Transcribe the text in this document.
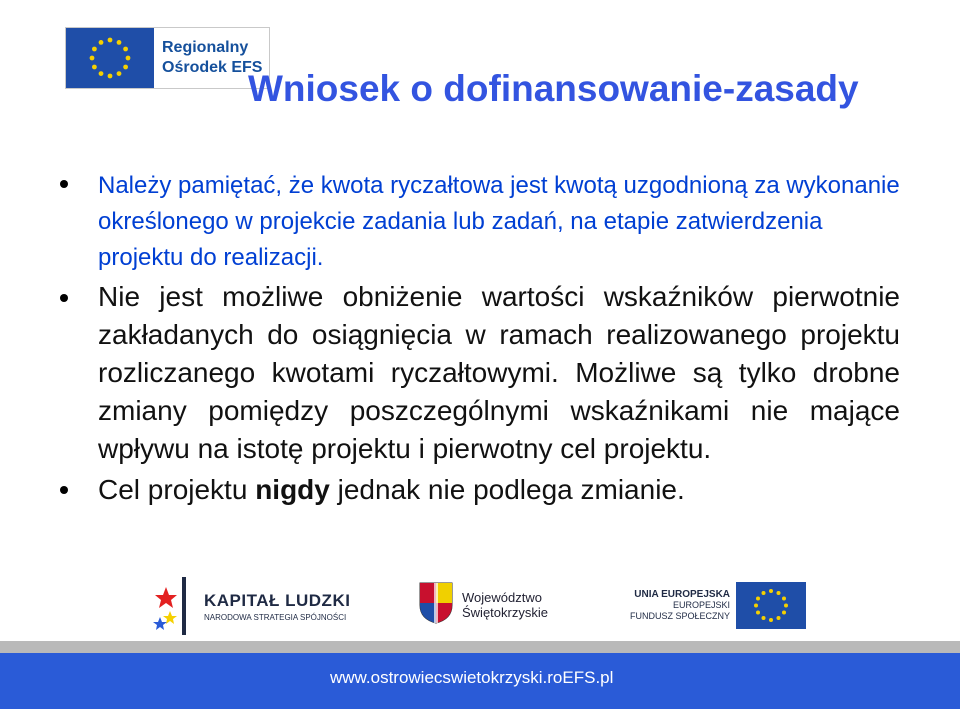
Regionalny
Ośrodek EFS
Wniosek o dofinansowanie-zasady
Należy pamiętać, że kwota ryczałtowa jest kwotą uzgodnioną za wykonanie określonego w projekcie zadania lub zadań, na etapie zatwierdzenia projektu do realizacji.
Nie jest możliwe obniżenie wartości wskaźników pierwotnie zakładanych do osiągnięcia w ramach realizowanego projektu rozliczanego kwotami ryczałtowymi. Możliwe są tylko drobne zmiany pomiędzy poszczególnymi wskaźnikami nie mające wpływu na istotę projektu i pierwotny cel projektu.
Cel projektu nigdy jednak nie podlega zmianie.
KAPITAŁ LUDZKI
NARODOWA STRATEGIA SPÓJNOŚCI
Województwo
Świętokrzyskie
UNIA EUROPEJSKA
EUROPEJSKI
FUNDUSZ SPOŁECZNY
www.ostrowiecswietokrzyski.roEFS.pl
